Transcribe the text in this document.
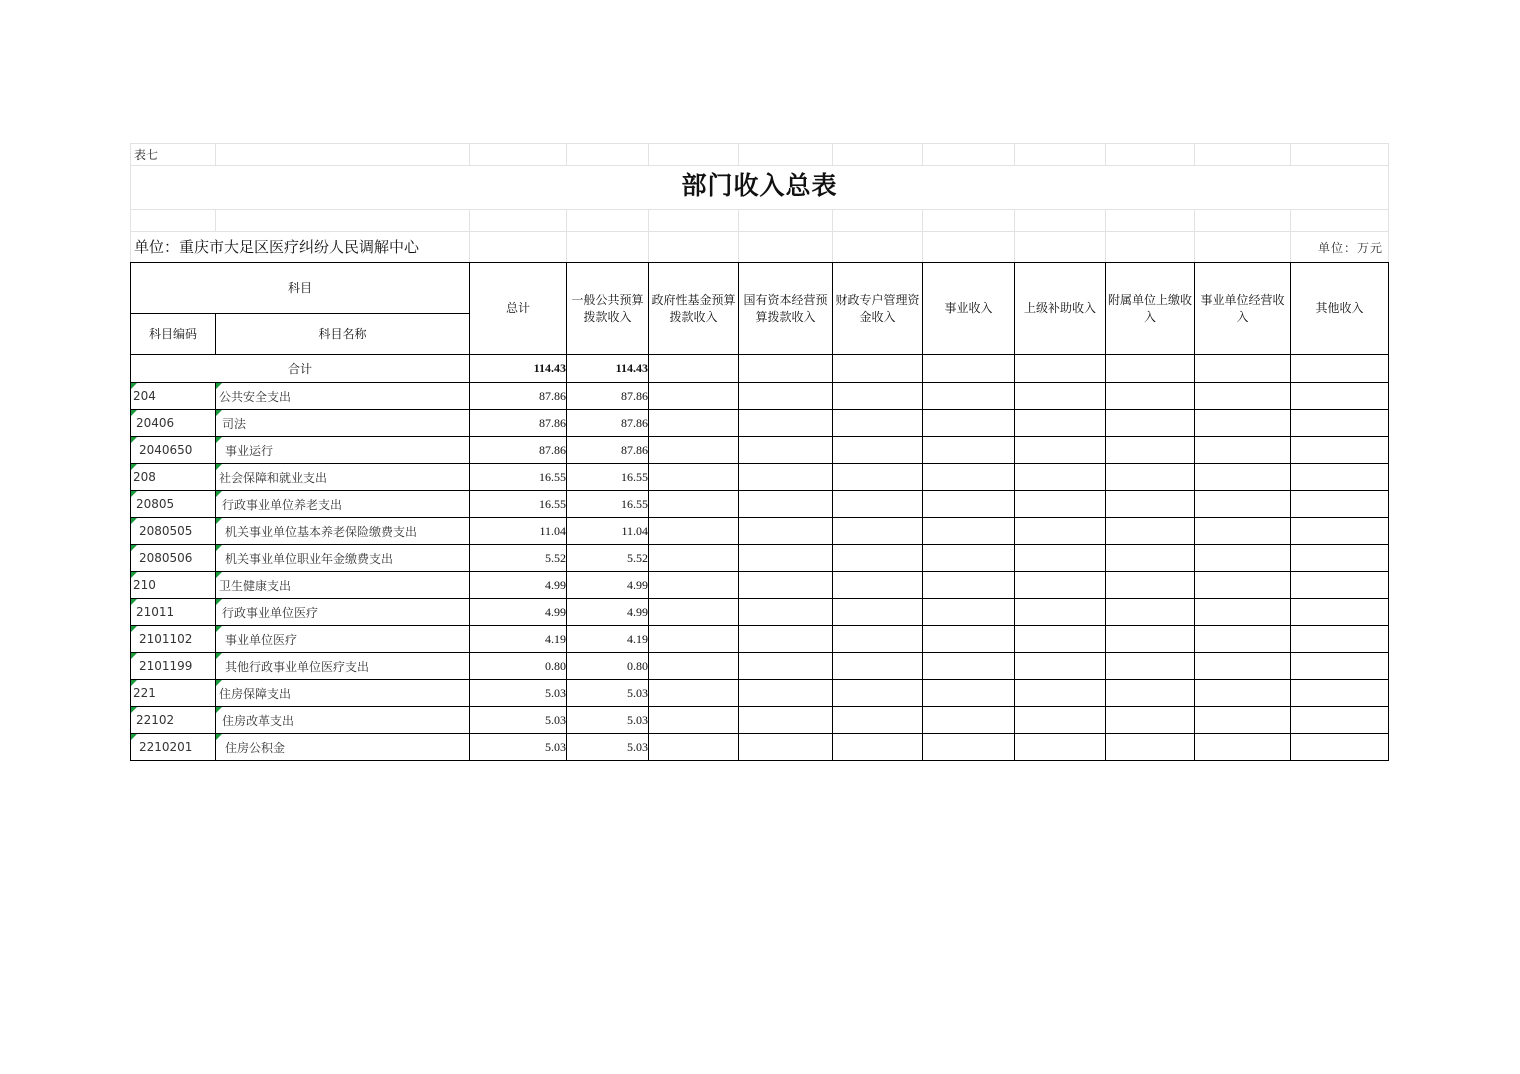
表七
部门收入总表
单位：重庆市大足区医疗纠纷人民调解中心	单位：万元
科目		总计	一般公共预算拨款收入	政府性基金预算拨款收入	国有资本经营预算拨款收入	财政专户管理资金收入	事业收入	上级补助收入	附属单位上缴收入	事业单位经营收入	其他收入
科目编码	科目名称										
合计		114.43	114.43								
204	公共安全支出	87.86	87.86								
20406	司法	87.86	87.86								
2040650	事业运行	87.86	87.86								
208	社会保障和就业支出	16.55	16.55								
20805	行政事业单位养老支出	16.55	16.55								
2080505	机关事业单位基本养老保险缴费支出	11.04	11.04								
2080506	机关事业单位职业年金缴费支出	5.52	5.52								
210	卫生健康支出	4.99	4.99								
21011	行政事业单位医疗	4.99	4.99								
2101102	事业单位医疗	4.19	4.19								
2101199	其他行政事业单位医疗支出	0.80	0.80								
221	住房保障支出	5.03	5.03								
22102	住房改革支出	5.03	5.03								
2210201	住房公积金	5.03	5.03								
